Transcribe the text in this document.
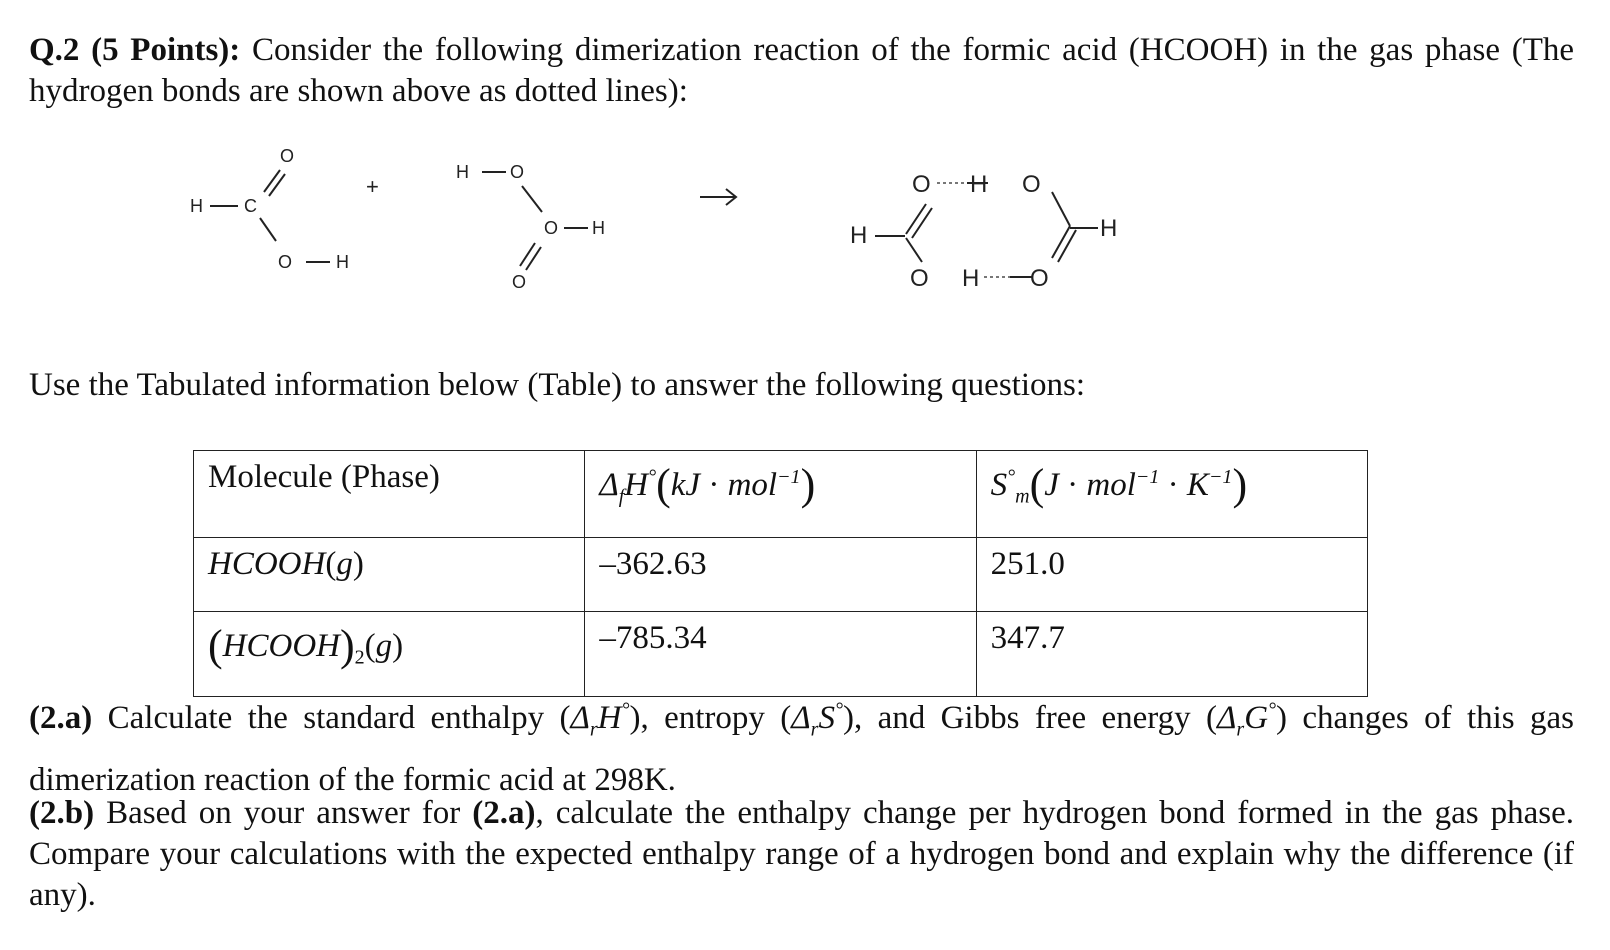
Q.2 (5 Points): Consider the following dimerization reaction of the formic acid (HCOOH) in the gas phase (The hydrogen bonds are shown above as dotted lines):

O
H C
O H
+
H O
O H
O
H
O H O
H
O H O

Use the Tabulated information below (Table) to answer the following questions:

Molecule (Phase)	$\Delta_fH^\circ(kJ \cdot mol^{-1})$	$S^\circ_m(J \cdot mol^{-1} \cdot K^{-1})$
HCOOH(g)	–362.63	251.0
$(HCOOH)_2(g)$	–785.34	347.7

(2.a) Calculate the standard enthalpy $(\Delta_rH^\circ)$, entropy $(\Delta_rS^\circ)$, and Gibbs free energy $(\Delta_rG^\circ)$ changes of this gas dimerization reaction of the formic acid at 298K.

(2.b) Based on your answer for (2.a), calculate the enthalpy change per hydrogen bond formed in the gas phase. Compare your calculations with the expected enthalpy range of a hydrogen bond and explain why the difference (if any).
